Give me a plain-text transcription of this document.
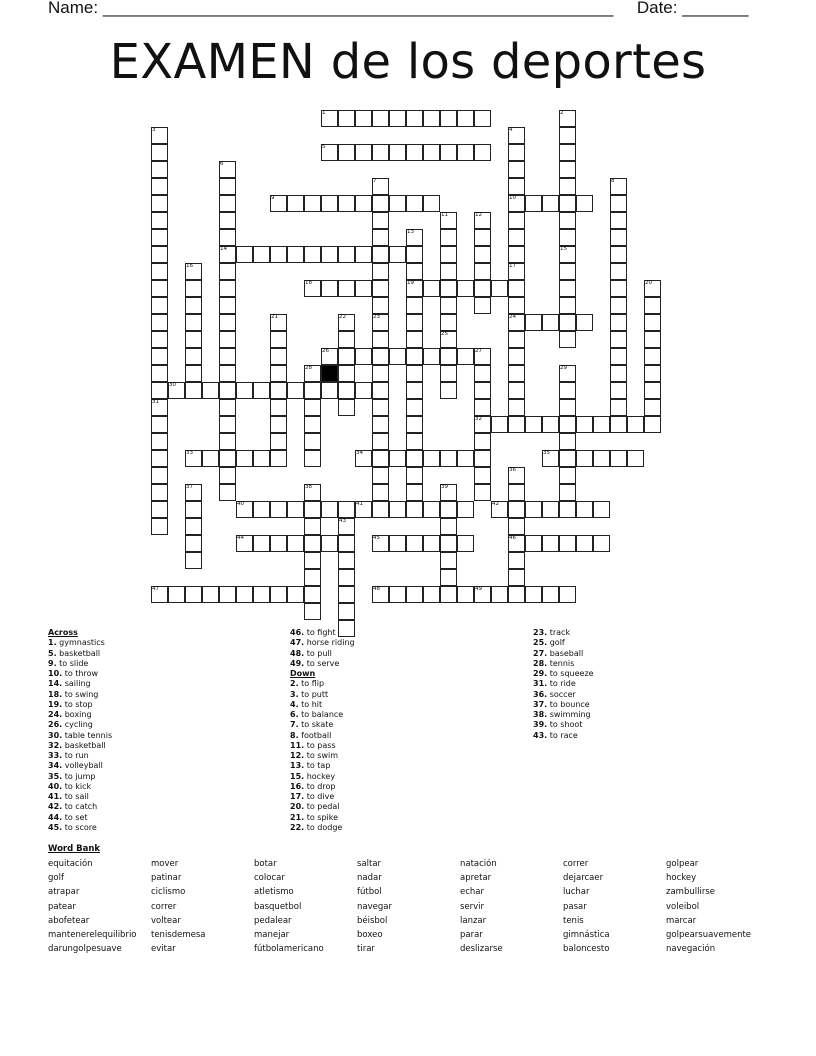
Name: ______________________________________________________ Date: _______
EXAMEN de los deportes
1	2
3	4
5
6
7	8
9	10
11	12
13
14	15
16	17
18	19	20
21	22	23	24
25
26	27
28	29
30
31
32
33	34	35
36
37	38	39
40	41	42
43
44	45	46
47	48	49
Across
1. gymnastics
5. basketball
9. to slide
10. to throw
14. sailing
18. to swing
19. to stop
24. boxing
26. cycling
30. table tennis
32. basketball
33. to run
34. volleyball
35. to jump
40. to kick
41. to sail
42. to catch
44. to set
45. to score
46. to fight
47. horse riding
48. to pull
49. to serve
Down
2. to flip
3. to putt
4. to hit
6. to balance
7. to skate
8. football
11. to pass
12. to swim
13. to tap
15. hockey
16. to drop
17. to dive
20. to pedal
21. to spike
22. to dodge
23. track
25. golf
27. baseball
28. tennis
29. to squeeze
31. to ride
36. soccer
37. to bounce
38. swimming
39. to shoot
43. to race
Word Bank
equitación
golf
atrapar
patear
abofetear
mantenerelequilibrio
darungolpesuave
mover
patinar
ciclismo
correr
voltear
tenisdemesa
evitar
botar
colocar
atletismo
basquetbol
pedalear
manejar
fútbolamericano
saltar
nadar
fútbol
navegar
béisbol
boxeo
tirar
natación
apretar
echar
servir
lanzar
parar
deslizarse
correr
dejarcaer
luchar
pasar
tenis
gimnástica
baloncesto
golpear
hockey
zambullirse
voleibol
marcar
golpearsuavemente
navegación
